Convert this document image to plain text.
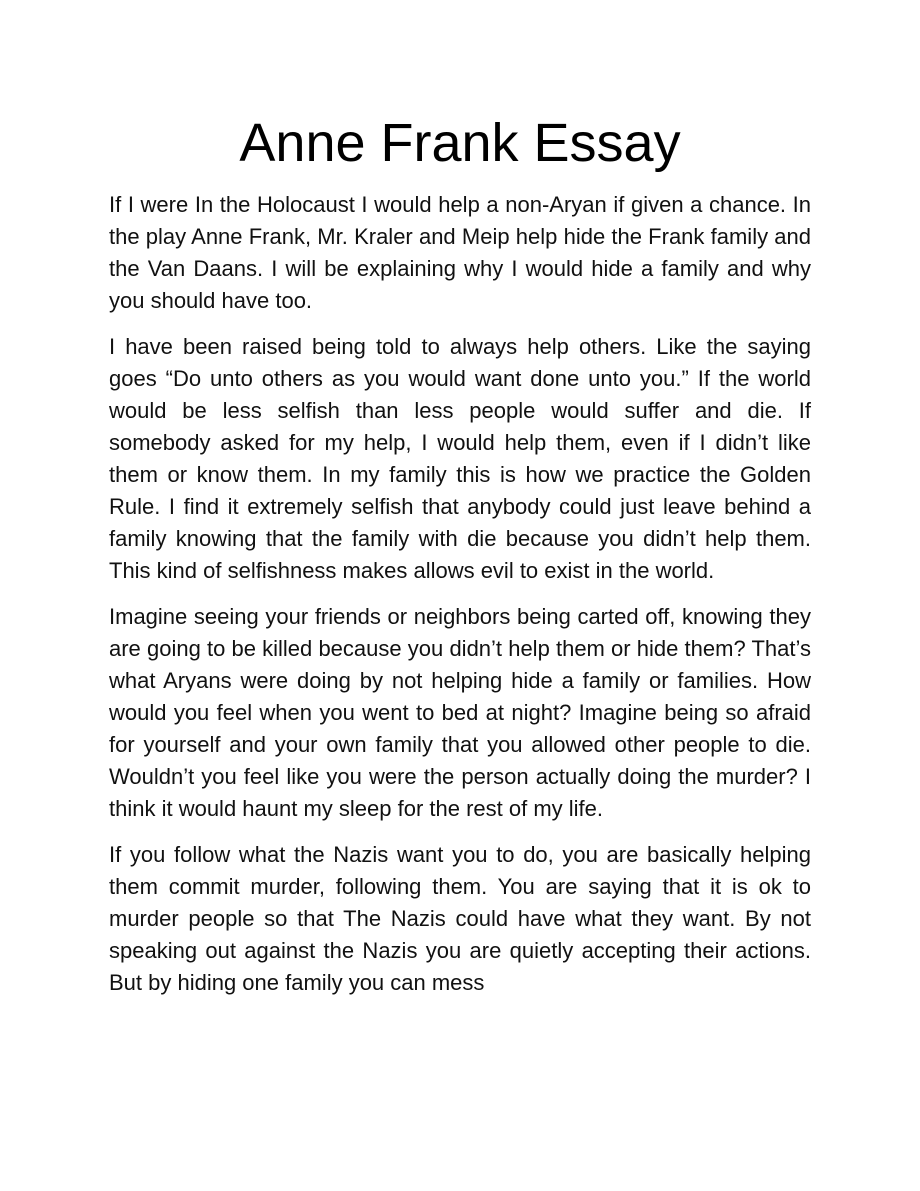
Anne Frank Essay

If I were In the Holocaust I would help a non-Aryan if given a chance. In the play Anne Frank, Mr. Kraler and Meip help hide the Frank family and the Van Daans. I will be explaining why I would hide a family and why you should have too.

I have been raised being told to always help others. Like the saying goes “Do unto others as you would want done unto you.” If the world would be less selfish than less people would suffer and die. If somebody asked for my help, I would help them, even if I didn’t like them or know them. In my family this is how we practice the Golden Rule. I find it extremely selfish that anybody could just leave behind a family knowing that the family with die because you didn’t help them. This kind of selfishness makes allows evil to exist in the world.

Imagine seeing your friends or neighbors being carted off, knowing they are going to be killed because you didn’t help them or hide them? That’s what Aryans were doing by not helping hide a family or families. How would you feel when you went to bed at night? Imagine being so afraid for yourself and your own family that you allowed other people to die. Wouldn’t you feel like you were the person actually doing the murder? I think it would haunt my sleep for the rest of my life.

If you follow what the Nazis want you to do, you are basically helping them commit murder, following them. You are saying that it is ok to murder people so that The Nazis could have what they want. By not speaking out against the Nazis you are quietly accepting their actions. But by hiding one family you can mess
